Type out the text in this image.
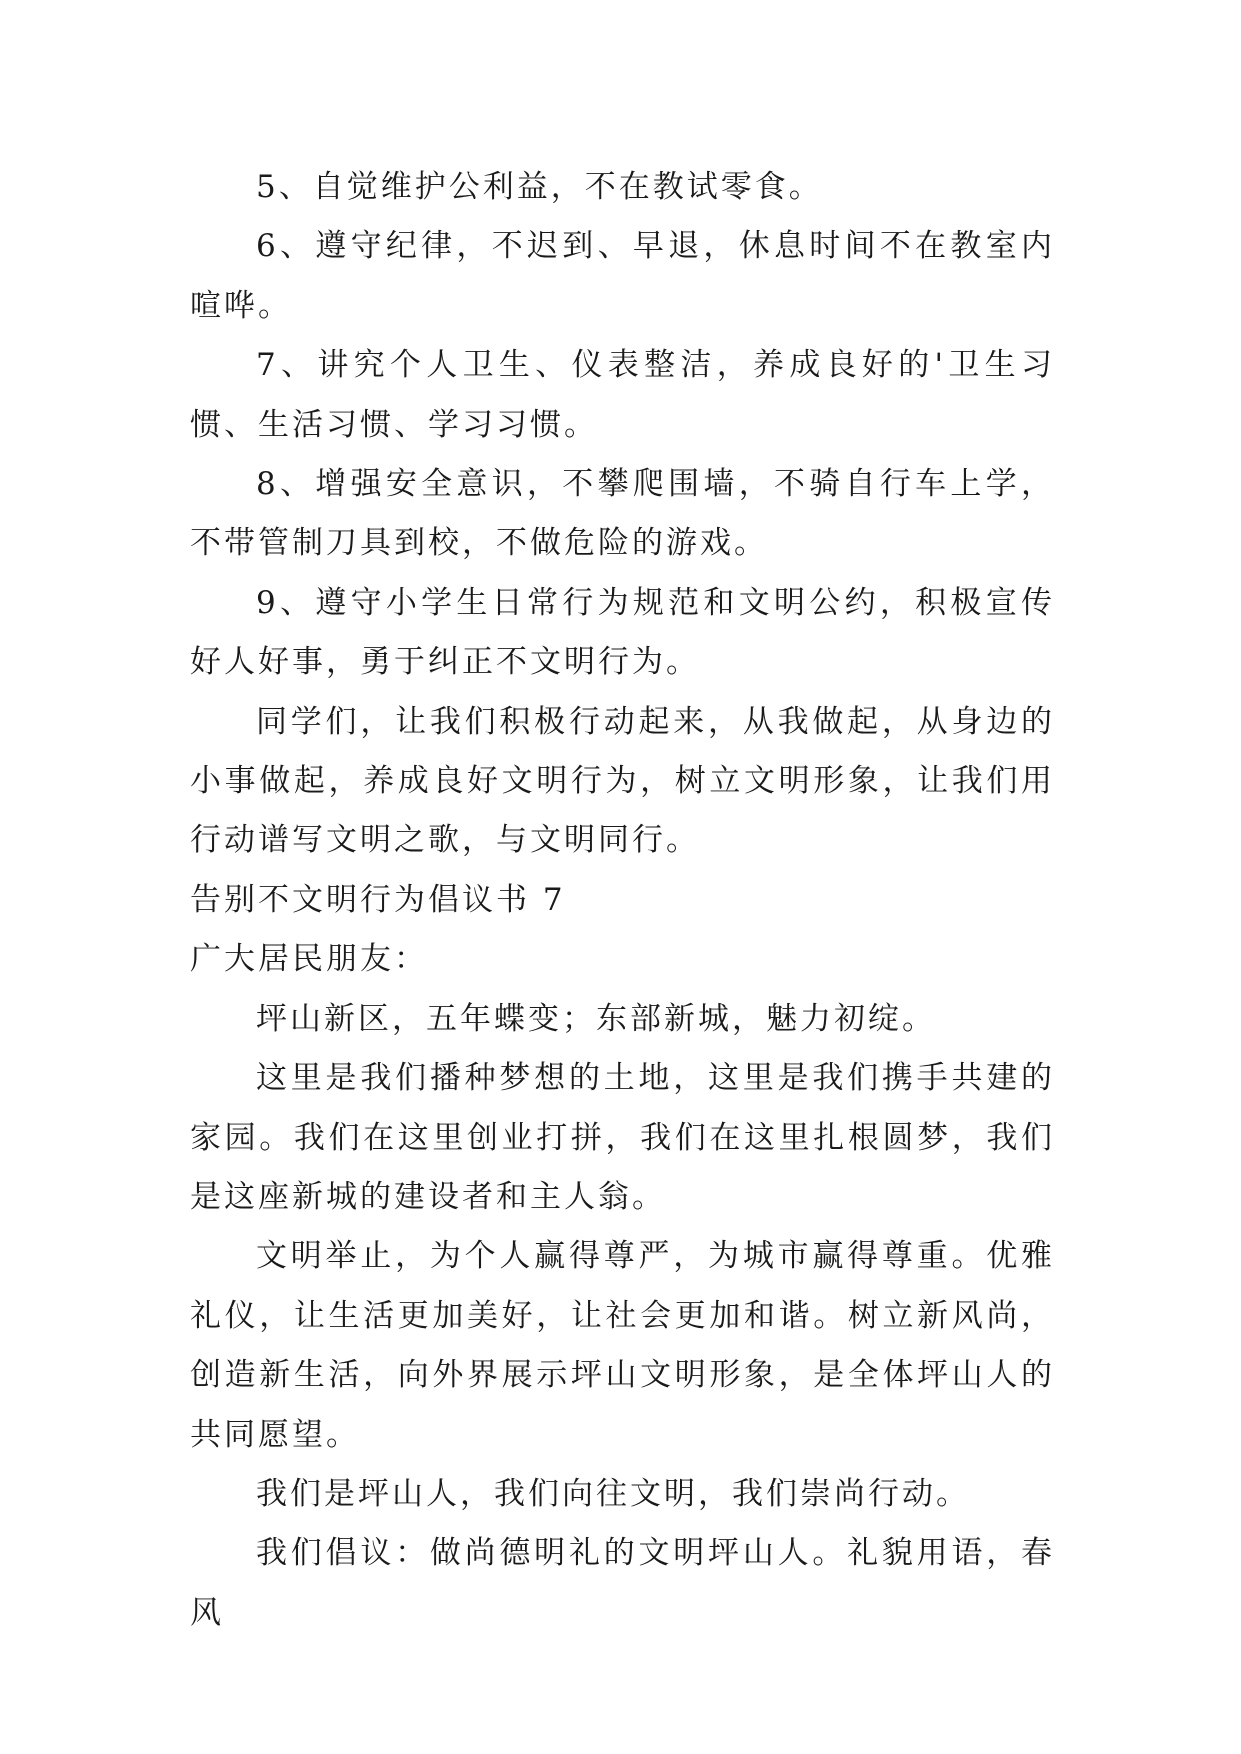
5、自觉维护公利益，不在教试零食。

6、遵守纪律，不迟到、早退，休息时间不在教室内喧哗。

7、讲究个人卫生、仪表整洁，养成良好的'卫生习惯、生活习惯、学习习惯。

8、增强安全意识，不攀爬围墙，不骑自行车上学，不带管制刀具到校，不做危险的游戏。

9、遵守小学生日常行为规范和文明公约，积极宣传好人好事，勇于纠正不文明行为。

同学们，让我们积极行动起来，从我做起，从身边的小事做起，养成良好文明行为，树立文明形象，让我们用行动谱写文明之歌，与文明同行。

告别不文明行为倡议书 7

广大居民朋友：

坪山新区，五年蝶变；东部新城，魅力初绽。

这里是我们播种梦想的土地，这里是我们携手共建的家园。我们在这里创业打拼，我们在这里扎根圆梦，我们是这座新城的建设者和主人翁。

文明举止，为个人赢得尊严，为城市赢得尊重。优雅礼仪，让生活更加美好，让社会更加和谐。树立新风尚，创造新生活，向外界展示坪山文明形象，是全体坪山人的共同愿望。

我们是坪山人，我们向往文明，我们崇尚行动。

我们倡议：做尚德明礼的文明坪山人。礼貌用语，春风
